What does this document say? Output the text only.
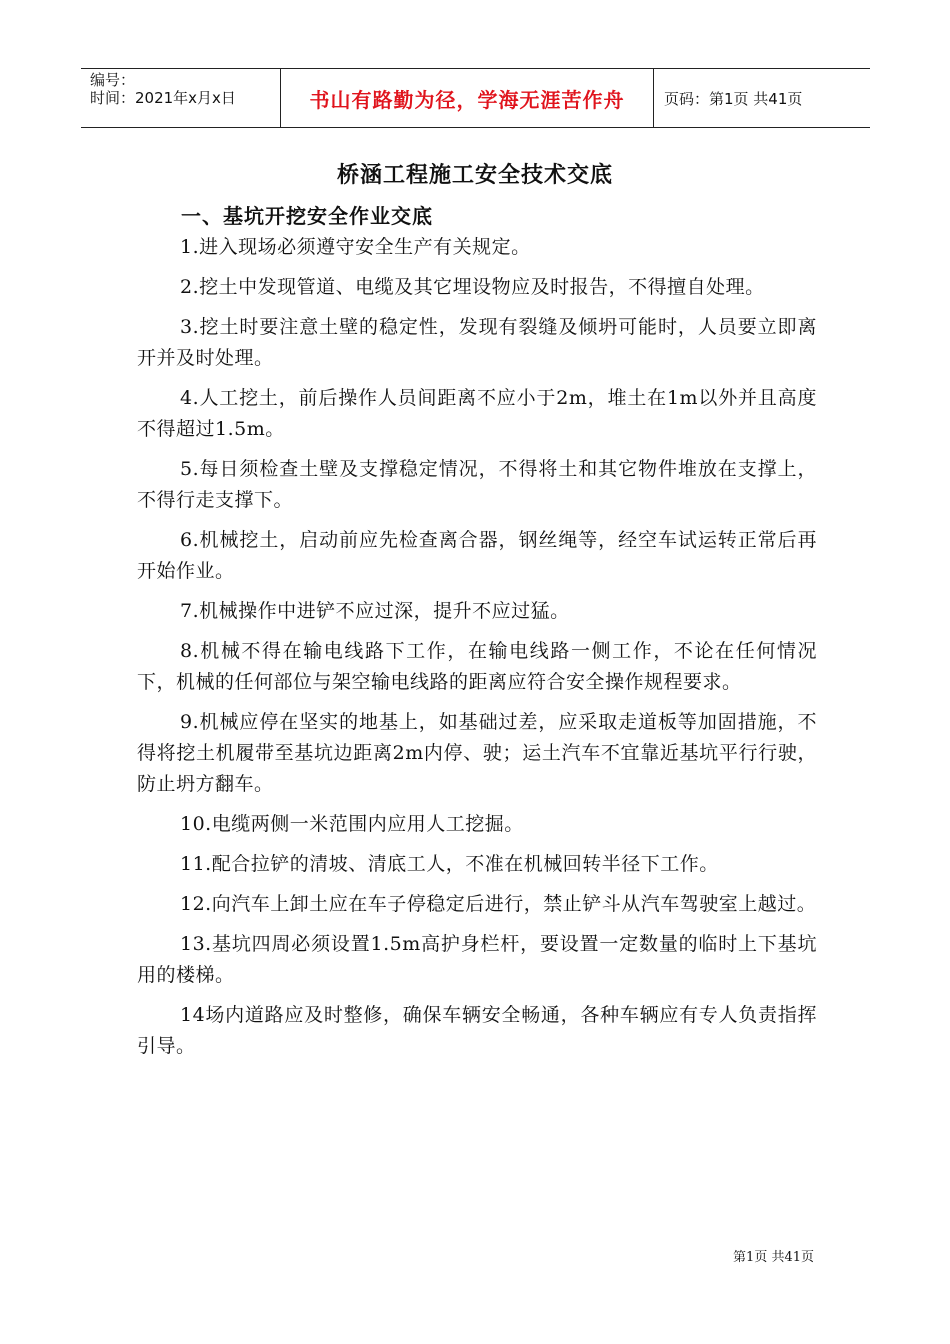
编号：
时间：2021年x月x日	书山有路勤为径，学海无涯苦作舟	页码：第1页 共41页
桥涵工程施工安全技术交底
一、基坑开挖安全作业交底

1.进入现场必须遵守安全生产有关规定。

2.挖土中发现管道、电缆及其它埋设物应及时报告，不得擅自处理。

3.挖土时要注意土壁的稳定性，发现有裂缝及倾坍可能时，人员要立即离开并及时处理。

4.人工挖土，前后操作人员间距离不应小于2m，堆土在1m以外并且高度不得超过1.5m。

5.每日须检查土壁及支撑稳定情况，不得将土和其它物件堆放在支撑上，不得行走支撑下。

6.机械挖土，启动前应先检查离合器，钢丝绳等，经空车试运转正常后再开始作业。

7.机械操作中进铲不应过深，提升不应过猛。

8.机械不得在输电线路下工作，在输电线路一侧工作，不论在任何情况下，机械的任何部位与架空输电线路的距离应符合安全操作规程要求。

9.机械应停在坚实的地基上，如基础过差，应采取走道板等加固措施，不得将挖土机履带至基坑边距离2m内停、驶；运土汽车不宜靠近基坑平行行驶，防止坍方翻车。

10.电缆两侧一米范围内应用人工挖掘。

11.配合拉铲的清坡、清底工人，不准在机械回转半径下工作。

12.向汽车上卸土应在车子停稳定后进行，禁止铲斗从汽车驾驶室上越过。

13.基坑四周必须设置1.5m高护身栏杆，要设置一定数量的临时上下基坑用的楼梯。

14场内道路应及时整修，确保车辆安全畅通，各种车辆应有专人负责指挥引导。

第1页 共41页
